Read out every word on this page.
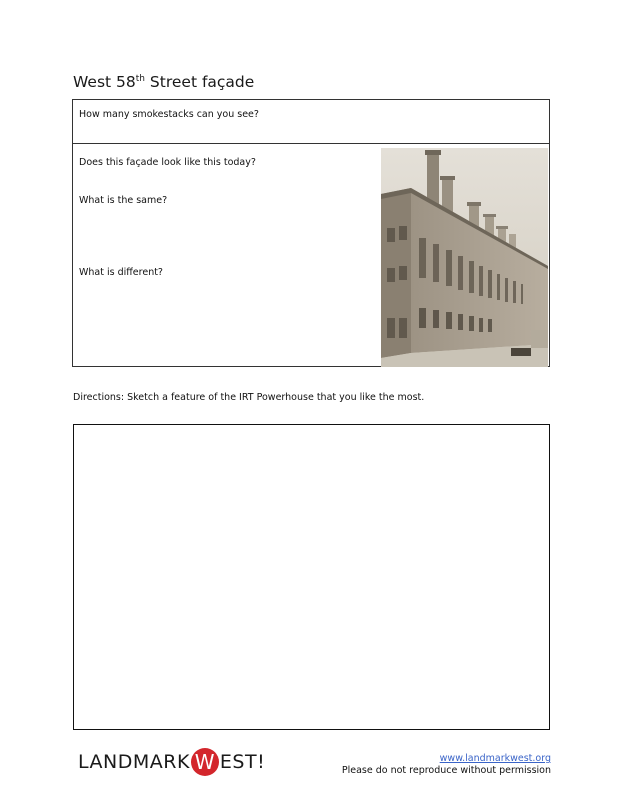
West 58th Street façade
How many smokestacks can you see?
Does this façade look like this today?
What is the same?
What is different?
Directions: Sketch a feature of the IRT Powerhouse that you like the most.
LANDMARK W EST!	www.landmarkwest.org
Please do not reproduce without permission
